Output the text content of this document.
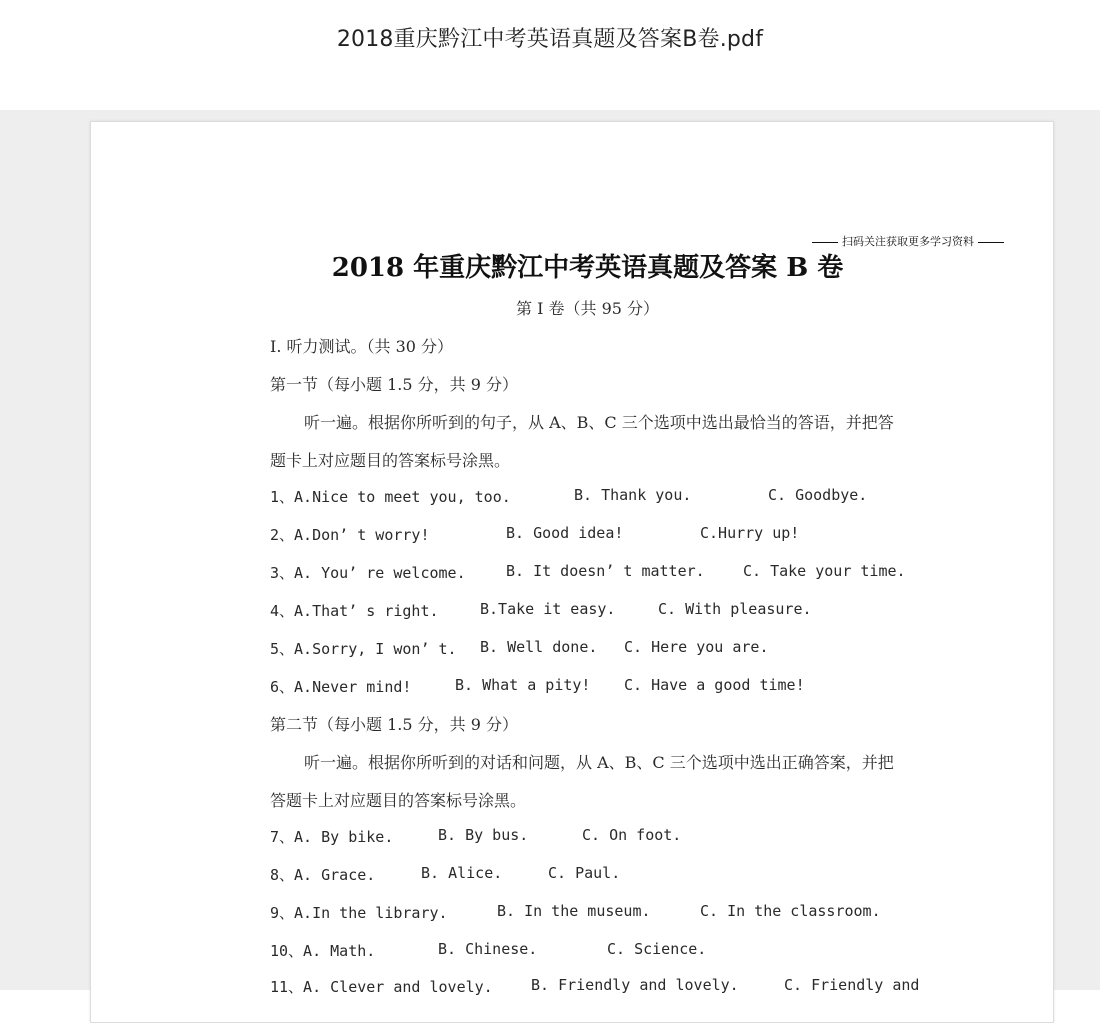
2018重庆黔江中考英语真题及答案B卷.pdf
扫码关注获取更多学习资料
2018 年重庆黔江中考英语真题及答案 B 卷
第 I 卷（共 95 分）
I. 听力测试。（共 30 分）
第一节（每小题 1.5 分，共 9 分）
听一遍。根据你所听到的句子，从 A、B、C 三个选项中选出最恰当的答语，并把答
题卡上对应题目的答案标号涂黑。
1、A.Nice to meet you, too.	B. Thank you.	C. Goodbye.
2、A.Don’ t worry!	B. Good idea!	C.Hurry up!
3、A. You’ re welcome.	B. It doesn’ t matter.	C. Take your time.
4、A.That’ s right.	B.Take it easy.	C. With pleasure.
5、A.Sorry, I won’ t. B. Well done. C. Here you are.
6、A.Never mind!	B. What a pity! C. Have a good time!
第二节（每小题 1.5 分，共 9 分）
听一遍。根据你所听到的对话和问题，从 A、B、C 三个选项中选出正确答案，并把
答题卡上对应题目的答案标号涂黑。
7、A. By bike.	B. By bus.	C. On foot.
8、A. Grace.	B. Alice.	C. Paul.
9、A.In the library.	B. In the museum.	C. In the classroom.
10、A. Math.	B. Chinese.	C. Science.
11、A. Clever and lovely.	B. Friendly and lovely.	C. Friendly and
